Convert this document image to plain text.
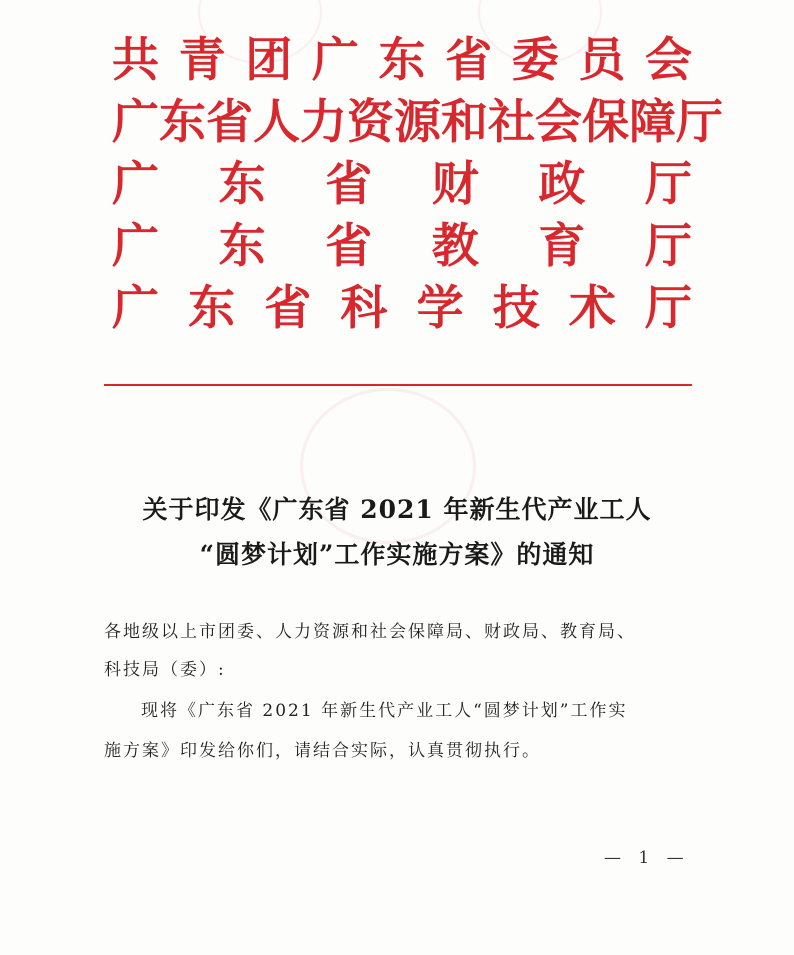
共 青 团 广 东 省 委 员 会
广 东 省 人 力 资 源 和 社 会 保 障 厅
广 东 省 财 政 厅
广 东 省 教 育 厅
广 东 省 科 学 技 术 厅
关于印发《广东省 2021 年新生代产业工人
“圆梦计划”工作实施方案》的通知
各地级以上市团委、人力资源和社会保障局、财政局、教育局、
科技局（委）:
现将《广东省 2021 年新生代产业工人“圆梦计划”工作实
施方案》印发给你们，请结合实际，认真贯彻执行。
— 1 —
